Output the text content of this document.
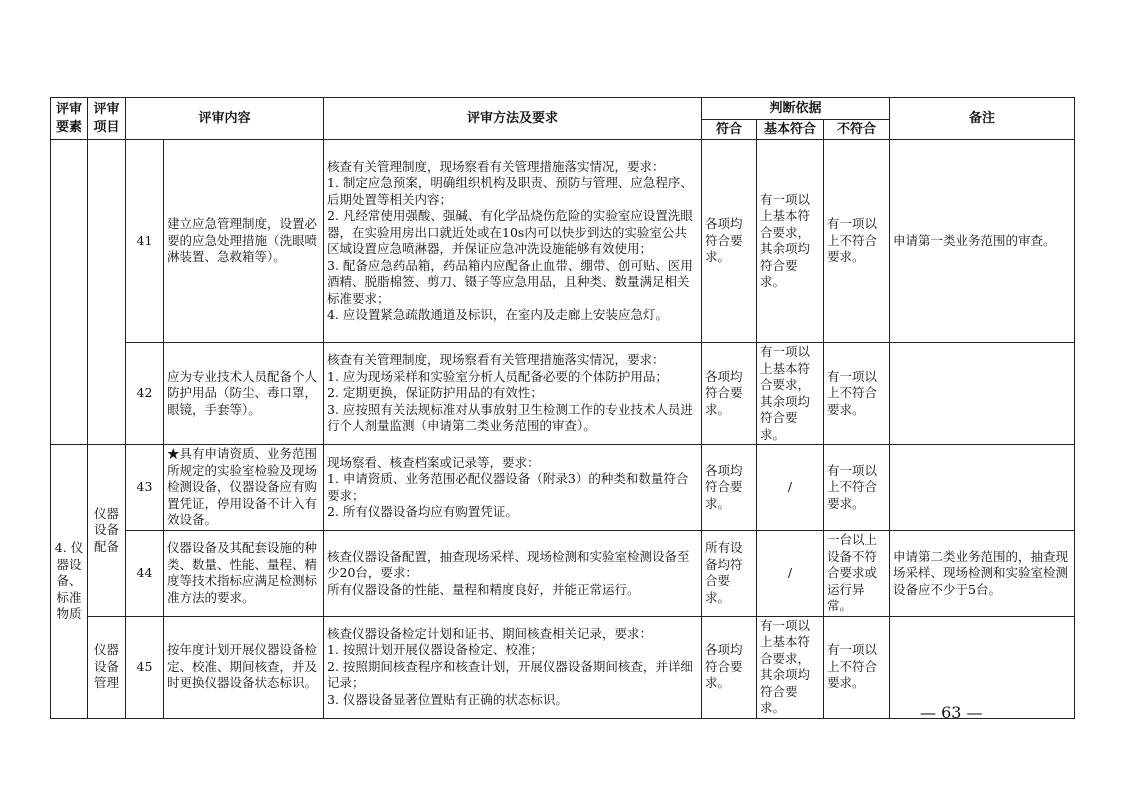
评审要素	评审项目	评审内容		评审方法及要求	判断依据			备注
					符合	基本符合	不符合	
		41	建立应急管理制度，设置必要的应急处理措施（洗眼喷淋装置、急救箱等）。	核查有关管理制度，现场察看有关管理措施落实情况，要求：
1. 制定应急预案，明确组织机构及职责、预防与管理、应急程序、后期处置等相关内容；
2. 凡经常使用强酸、强碱、有化学品烧伤危险的实验室应设置洗眼器，在实验用房出口就近处或在10s内可以快步到达的实验室公共区域设置应急喷淋器，并保证应急冲洗设施能够有效使用；
3. 配备应急药品箱，药品箱内应配备止血带、绷带、创可贴、医用酒精、脱脂棉签、剪刀、镊子等应急用品，且种类、数量满足相关标准要求；
4. 应设置紧急疏散通道及标识，在室内及走廊上安装应急灯。	各项均符合要求。	有一项以上基本符合要求，其余项均符合要求。	有一项以上不符合要求。	申请第一类业务范围的审查。
		42	应为专业技术人员配备个人防护用品（防尘、毒口罩，眼镜，手套等）。	核查有关管理制度，现场察看有关管理措施落实情况，要求：
1. 应为现场采样和实验室分析人员配备必要的个体防护用品；
2. 定期更换，保证防护用品的有效性；
3. 应按照有关法规标准对从事放射卫生检测工作的专业技术人员进行个人剂量监测（申请第二类业务范围的审查）。	各项均符合要求。	有一项以上基本符合要求，其余项均符合要求。	有一项以上不符合要求。	
4. 仪器设备、标准物质	仪器设备配备	43	★具有申请资质、业务范围所规定的实验室检验及现场检测设备，仪器设备应有购置凭证，停用设备不计入有效设备。	现场察看、核查档案或记录等，要求：
1. 申请资质、业务范围必配仪器设备（附录3）的种类和数量符合要求；
2. 所有仪器设备均应有购置凭证。	各项均符合要求。	/	有一项以上不符合要求。	
		44	仪器设备及其配套设施的种类、数量、性能、量程、精度等技术指标应满足检测标准方法的要求。	核查仪器设备配置，抽查现场采样、现场检测和实验室检测设备至少20台，要求：
所有仪器设备的性能、量程和精度良好，并能正常运行。	所有设备均符合要求。	/	一台以上设备不符合要求或运行异常。	申请第二类业务范围的，抽查现场采样、现场检测和实验室检测设备应不少于5台。
	仪器设备管理	45	按年度计划开展仪器设备检定、校准、期间核查，并及时更换仪器设备状态标识。	核查仪器设备检定计划和证书、期间核查相关记录，要求：
1. 按照计划开展仪器设备检定、校准；
2. 按照期间核查程序和核查计划，开展仪器设备期间核查，并详细记录；
3. 仪器设备显著位置贴有正确的状态标识。	各项均符合要求。	有一项以上基本符合要求，其余项均符合要求。	有一项以上不符合要求。	
— 63 —
